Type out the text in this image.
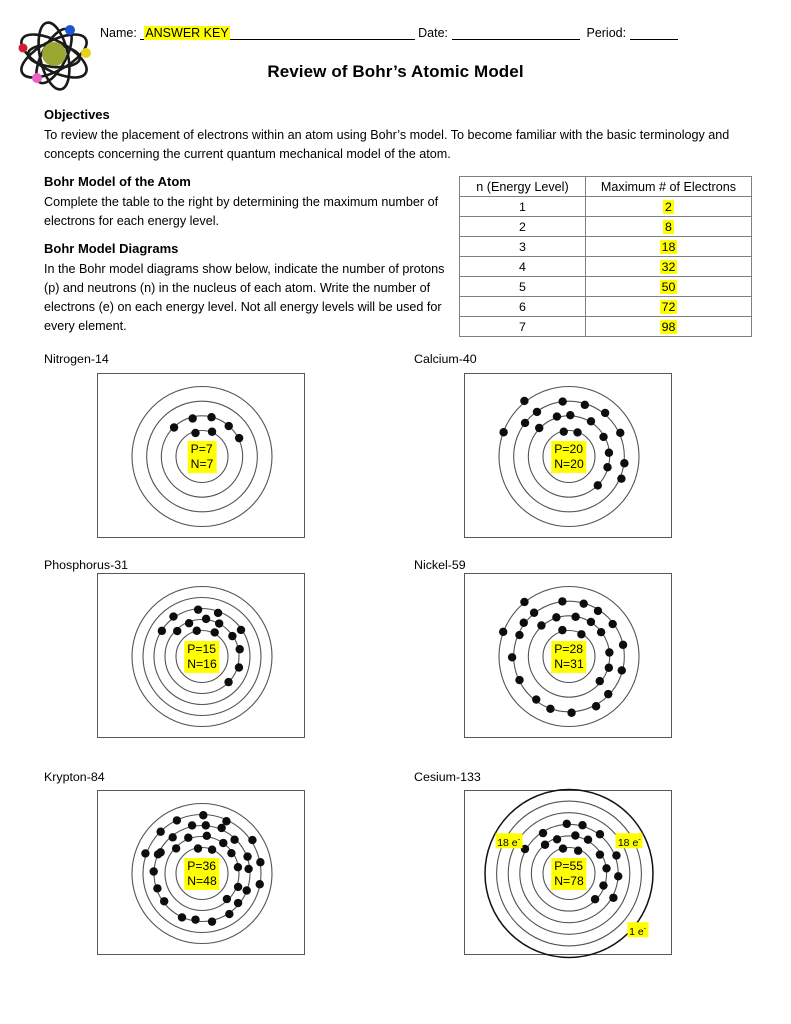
Name: ANSWER KEY	Date:	Period:
Review of Bohr’s Atomic Model
Objectives
To review the placement of electrons within an atom using Bohr’s model. To become familiar with the basic terminology and concepts concerning the current quantum mechanical model of the atom.
Bohr Model of the Atom
Complete the table to the right by determining the maximum number of electrons for each energy level.
Bohr Model Diagrams
In the Bohr model diagrams show below, indicate the number of protons (p) and neutrons (n) in the nucleus of each atom. Write the number of electrons (e) on each energy level. Not all energy levels will be used for every element.
n (Energy Level)	Maximum # of Electrons
1	2
2	8
3	18
4	32
5	50
6	72
7	98
Nitrogen-14
P=7
N=7
Calcium-40
P=20
N=20
Phosphorus-31
P=15
N=16
Nickel-59
P=28
N=31
Krypton-84
P=36
N=48
Cesium-133
P=55
N=78
18 e-	18 e-
1 e-
